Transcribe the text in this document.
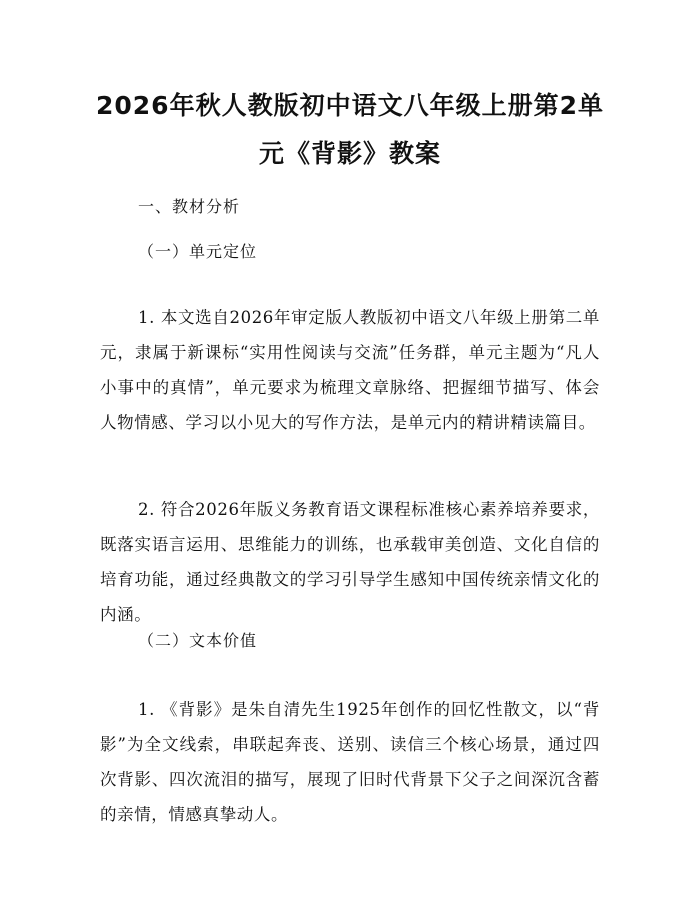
2026年秋人教版初中语文八年级上册第2单
元《背影》教案
一、教材分析
（一）单元定位

1. 本文选自2026年审定版人教版初中语文八年级上册第二单元，隶属于新课标“实用性阅读与交流”任务群，单元主题为“凡人小事中的真情”，单元要求为梳理文章脉络、把握细节描写、体会人物情感、学习以小见大的写作方法，是单元内的精讲精读篇目。

2. 符合2026年版义务教育语文课程标准核心素养培养要求，既落实语言运用、思维能力的训练，也承载审美创造、文化自信的培育功能，通过经典散文的学习引导学生感知中国传统亲情文化的内涵。

（二）文本价值

1. 《背影》是朱自清先生1925年创作的回忆性散文，以“背影”为全文线索，串联起奔丧、送别、读信三个核心场景，通过四次背影、四次流泪的描写，展现了旧时代背景下父子之间深沉含蓄的亲情，情感真挚动人。
